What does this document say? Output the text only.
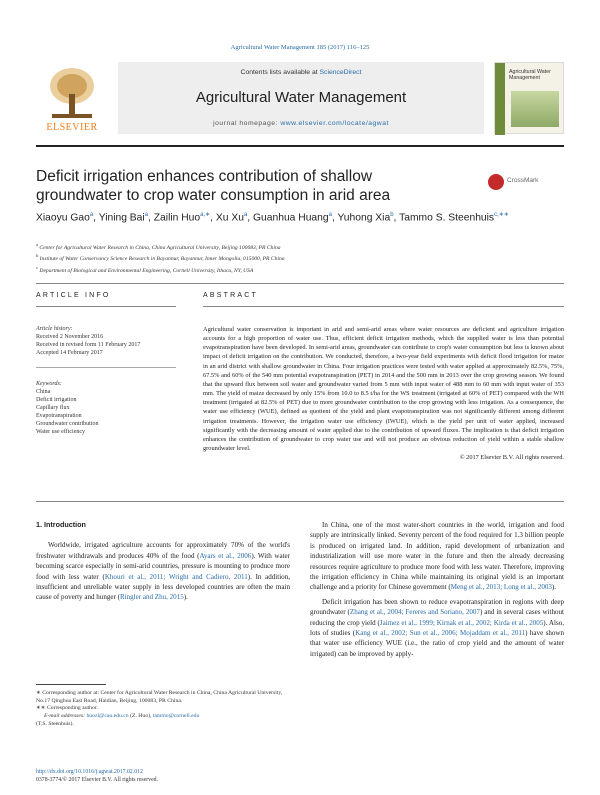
Agricultural Water Management 185 (2017) 116–125
ELSEVIER
Contents lists available at ScienceDirect
Agricultural Water Management
journal homepage: www.elsevier.com/locate/agwat
Agricultural Water Management
Deficit irrigation enhances contribution of shallow groundwater to crop water consumption in arid area
CrossMark
Xiaoyu Gao$^a$, Yining Bai$^a$, Zailin Huo$^{a,∗}$, Xu Xu$^a$, Guanhua Huang$^a$, Yuhong Xia$^b$, Tammo S. Steenhuis$^{c,∗∗}$
$^a$ Center for Agricultural Water Research in China, China Agricultural University, Beijing 100083, PR China
$^b$ Institute of Water Conservancy Science Research in Bayannur, Bayannur, Inner Mongolia, 015000, PR China
$^c$ Department of Biological and Environmental Engineering, Cornell University, Ithaca, NY, USA
ARTICLE INFO	ABSTRACT
Article history:
Received 2 November 2016
Received in revised form 11 February 2017
Accepted 14 February 2017
Keywords:
China
Deficit irrigation
Capillary flux
Evapotranspiration
Groundwater contribution
Water use efficiency
Agricultural water conservation is important in arid and semi-arid areas where water resources are deficient and agriculture irrigation accounts for a high proportion of water use. Thus, efficient deficit irrigation methods, which the supplied water is less than potential evapotranspiration have been developed. In semi-arid areas, groundwater can contribute to crop's water consumption but less is known about impact of deficit irrigation on the contribution. We conducted, therefore, a two-year field experiments with deficit flood irrigation for maize in an arid district with shallow groundwater in China. Four irrigation practices were tested with water applied at approximately 82.5%, 75%, 67.5% and 60% of the 540 mm potential evapotranspiration (PET) in 2014 and the 500 mm in 2013 over the crop growing season. We found that the upward flux between soil water and groundwater varied from 5 mm with input water of 488 mm to 60 mm with input water of 353 mm. The yield of maize decreased by only 15% from 10.0 to 8.5 t/ha for the WS treatment (irrigated at 60% of PET) compared with the WH treatment (irrigated at 82.5% of PET) due to more groundwater contribution to the crop growing with less irrigation. As a consequence, the water use efficiency (WUE), defined as quotient of the yield and plant evapotranspiration was not significantly different among different irrigation treatments. However, the irrigation water use efficiency (IWUE), which is the yield per unit of water applied, increased significantly with the decreasing amount of water applied due to the contribution of upward fluxes. The implication is that deficit irrigation enhances the contribution of groundwater to crop water use and will not produce an obvious reduction of yield within a stable shallow groundwater level.
© 2017 Elsevier B.V. All rights reserved.
1. Introduction
Worldwide, irrigated agriculture accounts for approximately 70% of the world's freshwater withdrawals and produces 40% of the food (Ayars et al., 2006). With water becoming scarce especially in semi-arid countries, pressure is mounting to produce more food with less water (Khouri et al., 2011; Wright and Cadiero, 2011). In addition, insufficient and unreliable water supply in less developed countries are often the main cause of poverty and hunger (Ringler and Zhu, 2015).
In China, one of the most water-short countries in the world, irrigation and food supply are intrinsically linked. Seventy percent of the food required for 1.3 billion people is produced on irrigated land. In addition, rapid development of urbanization and industrialization will use more water in the future and then the already decreasing resources require agriculture to produce more food with less water. Therefore, improving the irrigation efficiency in China while maintaining its original yield is an important challenge and a priority for Chinese government (Meng et al., 2013; Long et al., 2003).
Deficit irrigation has been shown to reduce evapotranspiration in regions with deep groundwater (Zhang et al., 2004; Fereres and Soriano, 2007) and in several cases without reducing the crop yield (Jaimez et al., 1999; Kirnak et al., 2002; Kirda et al., 2005). Also, lots of studies (Kang et al., 2002; Sun et al., 2006; Mojaddam et al., 2011) have shown that water use efficiency WUE (i.e., the ratio of crop yield and the amount of water irrigated) can be improved by apply-
∗ Corresponding author at: Center for Agricultural Water Research in China, China Agricultural University, No.17 Qinghua East Road, Haidian, Beijing, 100083, PR China.
∗∗ Corresponding author.
E-mail addresses: huozl@cau.edu.cn (Z. Huo), tammo@cornell.edu
(T.S. Steenhuis).
http://dx.doi.org/10.1016/j.agwat.2017.02.012
0378-3774/© 2017 Elsevier B.V. All rights reserved.
